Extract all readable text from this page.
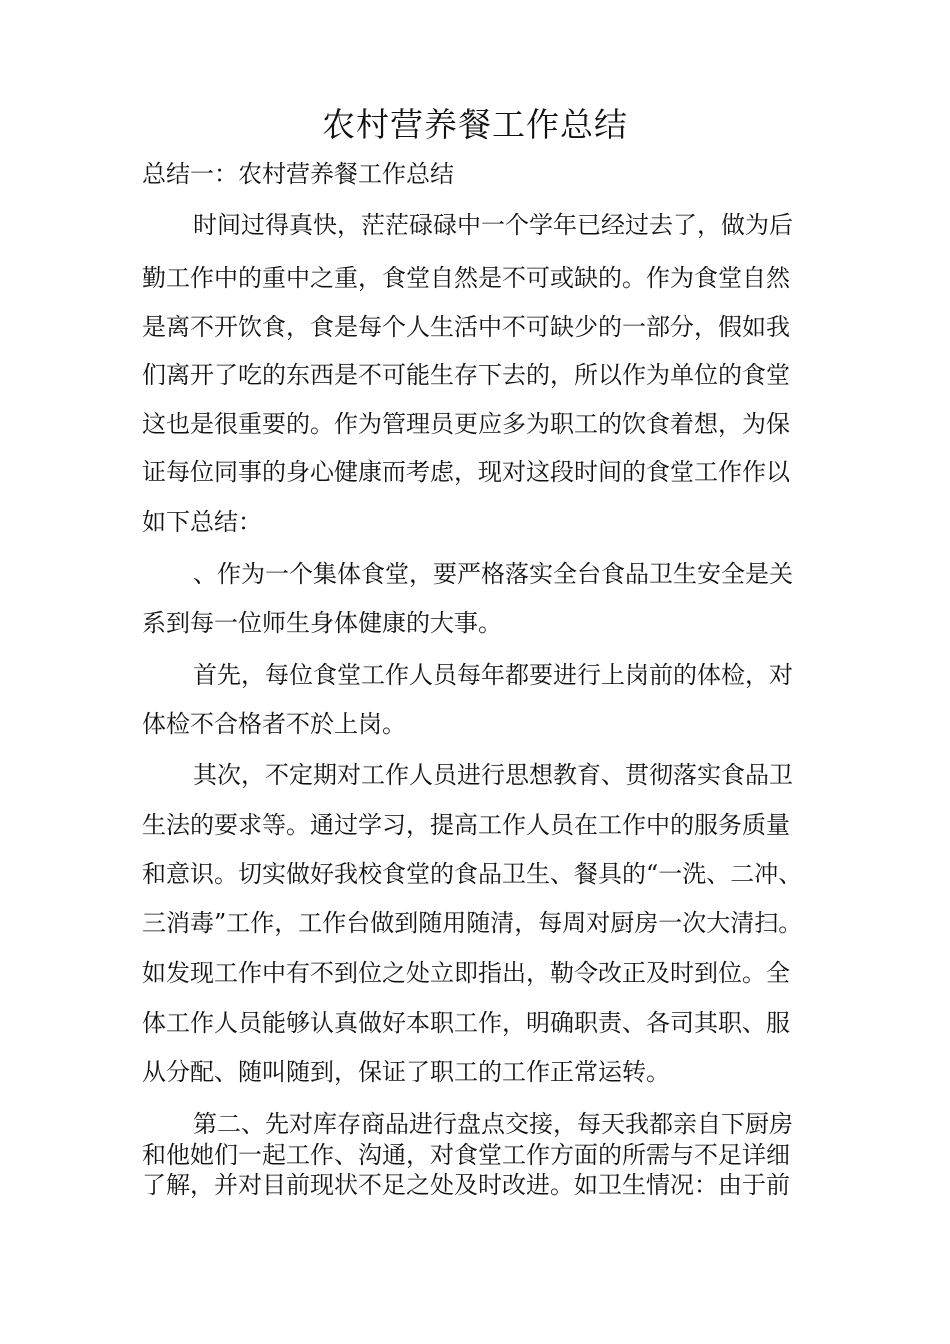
农村营养餐工作总结
总结一：农村营养餐工作总结
时间过得真快，茫茫碌碌中一个学年已经过去了，做为后
勤工作中的重中之重，食堂自然是不可或缺的。作为食堂自然
是离不开饮食，食是每个人生活中不可缺少的一部分，假如我
们离开了吃的东西是不可能生存下去的，所以作为单位的食堂
这也是很重要的。作为管理员更应多为职工的饮食着想，为保
证每位同事的身心健康而考虑，现对这段时间的食堂工作作以
如下总结：
、作为一个集体食堂，要严格落实全台食品卫生安全是关
系到每一位师生身体健康的大事。
首先，每位食堂工作人员每年都要进行上岗前的体检，对
体检不合格者不於上岗。
其次，不定期对工作人员进行思想教育、贯彻落实食品卫
生法的要求等。通过学习，提高工作人员在工作中的服务质量
和意识。切实做好我校食堂的食品卫生、餐具的“一洗、二冲、
三消毒”工作，工作台做到随用随清，每周对厨房一次大清扫。
如发现工作中有不到位之处立即指出，勒令改正及时到位。全
体工作人员能够认真做好本职工作，明确职责、各司其职、服
从分配、随叫随到，保证了职工的工作正常运转。
第二、先对库存商品进行盘点交接，每天我都亲自下厨房
和他她们一起工作、沟通，对食堂工作方面的所需与不足详细
了解，并对目前现状不足之处及时改进。如卫生情况：由于前
